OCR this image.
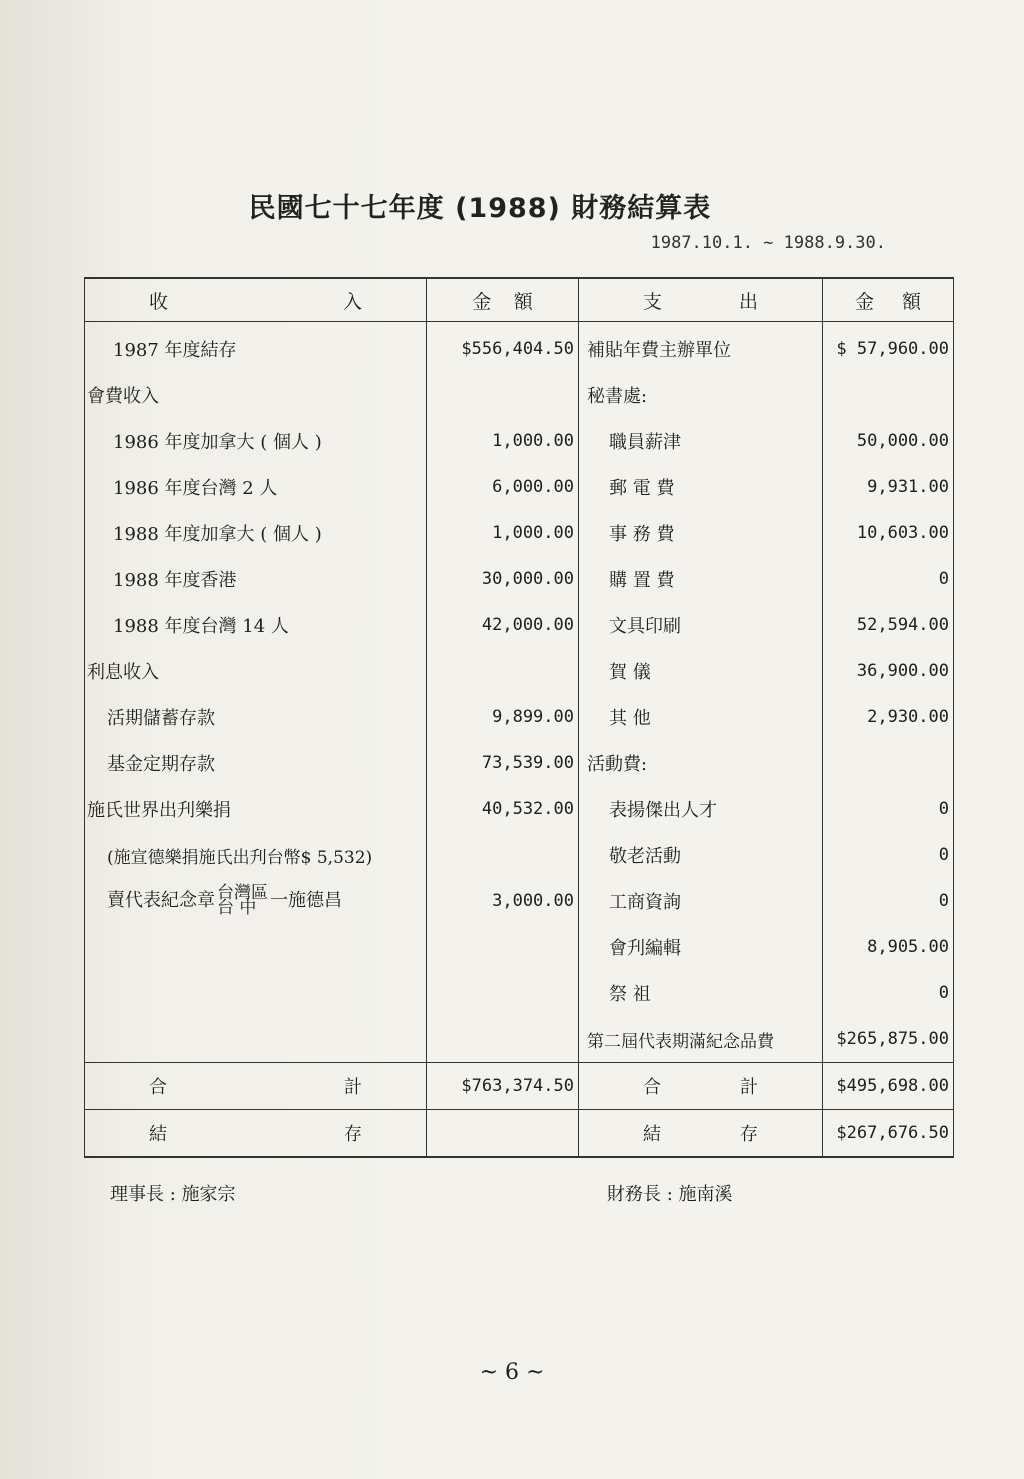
民國七十七年度 (1988) 財務結算表
1987.10.1. ~ 1988.9.30.
收 入	金 額	支 出	金 額

1987 年度結存	$556,404.50	補貼年費主辦單位	$ 57,960.00
會費收入		秘書處:	
1986 年度加拿大 ( 個人 )	1,000.00	職員薪津	50,000.00
1986 年度台灣 2 人	6,000.00	郵 電 費	9,931.00
1988 年度加拿大 ( 個人 )	1,000.00	事 務 費	10,603.00
1988 年度香港	30,000.00	購 置 費	0
1988 年度台灣 14 人	42,000.00	文具印刷	52,594.00
利息收入		賀 儀	36,900.00
活期儲蓄存款	9,899.00	其 他	2,930.00
基金定期存款	73,539.00	活動費:	
施氏世界出刋樂捐	40,532.00	表揚傑出人才	0
(施宣德樂捐施氏出刋台幣$ 5,532)		敬老活動	0
賣代表紀念章 台灣區
台 中 一施德昌	3,000.00	工商資詢	0
		會刋編輯	8,905.00
		祭 祖	0
		第二屆代表期滿紀念品費	$265,875.00

合 計	$763,374.50	合 計	$495,698.00

結 存		結 存	$267,676.50
理事長 : 施家宗	財務長 : 施南溪
~ 6 ~
